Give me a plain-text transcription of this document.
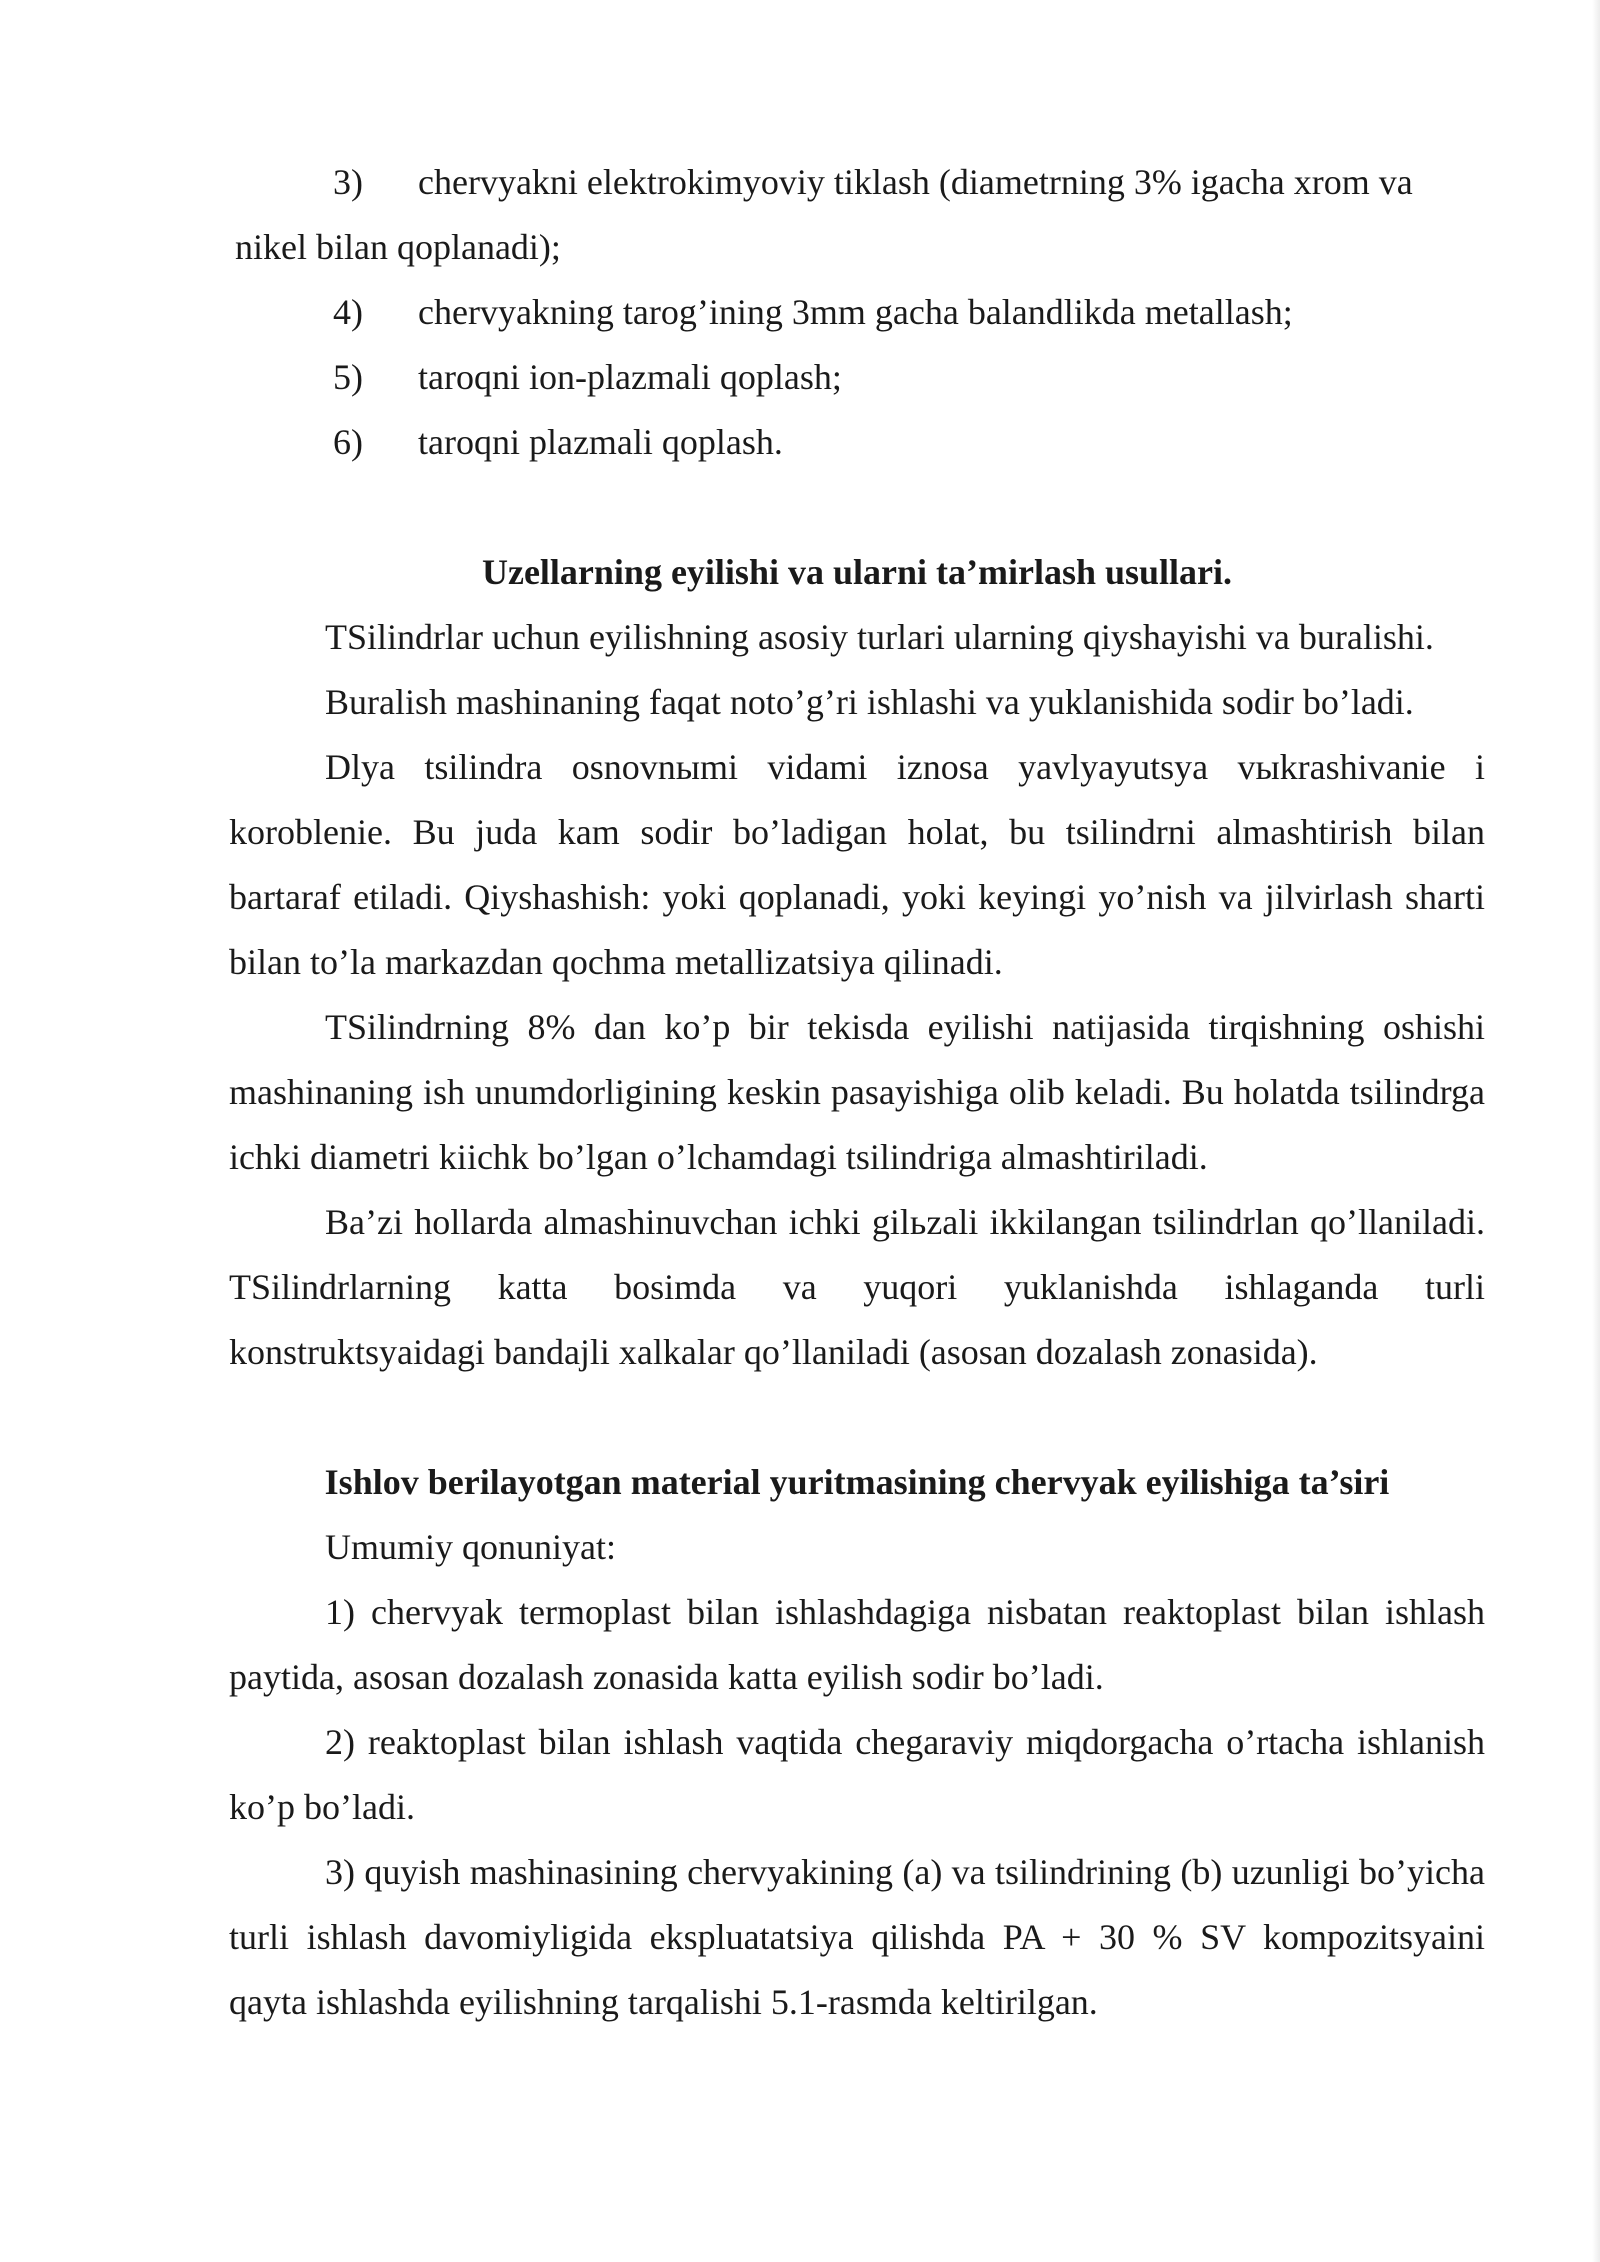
3) chervyakni elektrokimyoviy tiklash (diametrning 3% igacha xrom va
nikel bilan qoplanadi);
4) chervyakning tarog’ining 3mm gacha balandlikda metallash;
5) taroqni ion-plazmali qoplash;
6) taroqni plazmali qoplash.
Uzellarning eyilishi va ularni ta’mirlash usullari.
TSilindrlar uchun eyilishning asosiy turlari ularning qiyshayishi va buralishi.
Buralish mashinaning faqat noto’g’ri ishlashi va yuklanishida sodir bo’ladi.
Dlya tsilindra osnovnыmi vidami iznosa yavlyayutsya vыkrashivanie i koroblenie. Bu juda kam sodir bo’ladigan holat, bu tsilindrni almashtirish bilan bartaraf etiladi. Qiyshashish: yoki qoplanadi, yoki keyingi yo’nish va jilvirlash sharti bilan to’la markazdan qochma metallizatsiya qilinadi.
TSilindrning 8% dan ko’p bir tekisda eyilishi natijasida tirqishning oshishi mashinaning ish unumdorligining keskin pasayishiga olib keladi. Bu holatda tsilindrga ichki diametri kiichk bo’lgan o’lchamdagi tsilindriga almashtiriladi.
Ba’zi hollarda almashinuvchan ichki gilьzali ikkilangan tsilindrlan qo’llaniladi. TSilindrlarning katta bosimda va yuqori yuklanishda ishlaganda turli konstruktsyaidagi bandajli xalkalar qo’llaniladi (asosan dozalash zonasida).
Ishlov berilayotgan material yuritmasining chervyak eyilishiga ta’siri
Umumiy qonuniyat:
1) chervyak termoplast bilan ishlashdagiga nisbatan reaktoplast bilan ishlash paytida, asosan dozalash zonasida katta eyilish sodir bo’ladi.
2) reaktoplast bilan ishlash vaqtida chegaraviy miqdorgacha o’rtacha ishlanish ko’p bo’ladi.
3) quyish mashinasining chervyakining (a) va tsilindrining (b) uzunligi bo’yicha turli ishlash davomiyligida ekspluatatsiya qilishda PA + 30 % SV kompozitsyaini qayta ishlashda eyilishning tarqalishi 5.1-rasmda keltirilgan.
